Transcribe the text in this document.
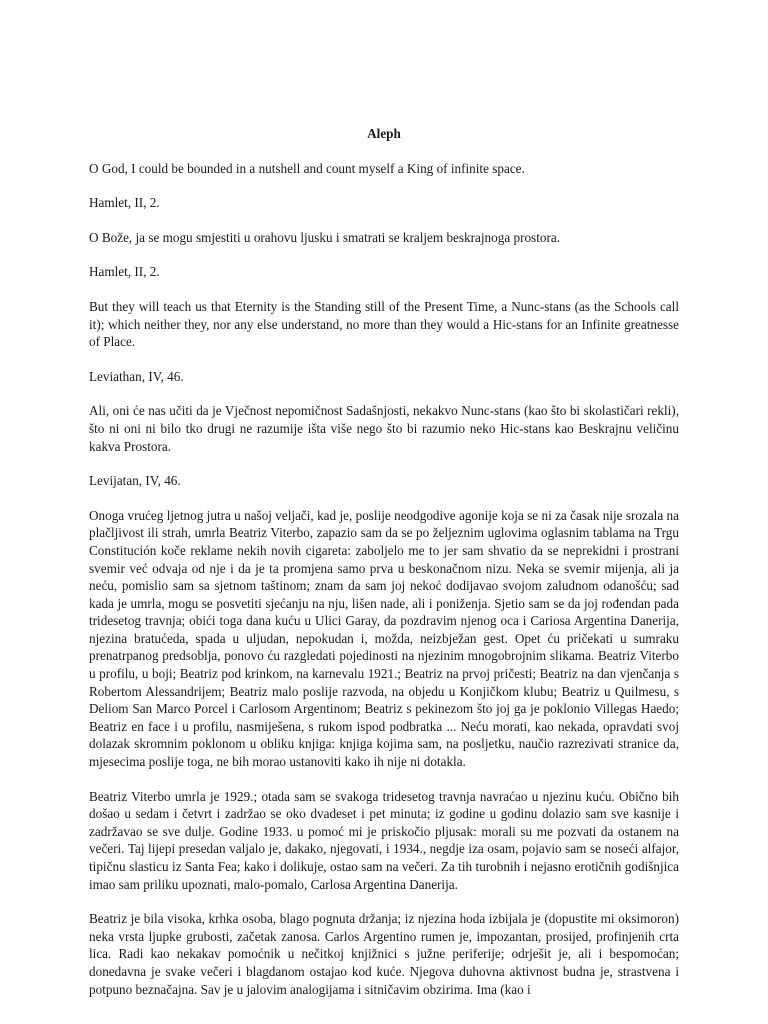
Aleph

O God, I could be bounded in a nutshell and count myself a King of infinite space.

Hamlet, II, 2.

O Bože, ja se mogu smjestiti u orahovu ljusku i smatrati se kraljem beskrajnoga prostora.

Hamlet, II, 2.

But they will teach us that Eternity is the Standing still of the Present Time, a Nunc-stans (as the Schools call it); which neither they, nor any else understand, no more than they would a Hic-stans for an Infinite greatnesse of Place.

Leviathan, IV, 46.

Ali, oni će nas učiti da je Vječnost nepomičnost Sadašnjosti, nekakvo Nunc-stans (kao što bi skolastičari rekli), što ni oni ni bilo tko drugi ne razumije išta više nego što bi razumio neko Hic-stans kao Beskrajnu veličinu kakva Prostora.

Levijatan, IV, 46.

Onoga vrućeg ljetnog jutra u našoj veljači, kad je, poslije neodgodive agonije koja se ni za časak nije srozala na plačljivost ili strah, umrla Beatriz Viterbo, zapazio sam da se po željeznim uglovima oglasnim tablama na Trgu Constitución koče reklame nekih novih cigareta: zaboljelo me to jer sam shvatio da se neprekidni i prostrani svemir već odvaja od nje i da je ta promjena samo prva u beskonačnom nizu. Neka se svemir mijenja, ali ja neću, pomislio sam sa sjetnom taštinom; znam da sam joj nekoć dodijavao svojom zaludnom odanošću; sad kada je umrla, mogu se posvetiti sjećanju na nju, lišen nade, ali i poniženja. Sjetio sam se da joj rođendan pada tridesetog travnja; obići toga dana kuću u Ulici Garay, da pozdravim njenog oca i Cariosa Argentina Danerija, njezina bratućeda, spada u uljudan, nepokudan i, možda, neizbježan gest. Opet ću pričekati u sumraku prenatrpanog predsoblja, ponovo ću razgledati pojedinosti na njezinim mnogobrojnim slikama. Beatriz Viterbo u profilu, u boji; Beatriz pod krinkom, na karnevalu 1921.; Beatriz na prvoj pričesti; Beatriz na dan vjenčanja s Robertom Alessandrijem; Beatriz malo poslije razvoda, na objedu u Konjičkom klubu; Beatriz u Quilmesu, s Deliom San Marco Porcel i Carlosom Argentinom; Beatriz s pekinezom što joj ga je poklonio Villegas Haedo; Beatriz en face i u profilu, nasmiješena, s rukom ispod podbratka ... Neću morati, kao nekada, opravdati svoj dolazak skromnim poklonom u obliku knjiga: knjiga kojima sam, na posljetku, naučio razrezivati stranice da, mjesecima poslije toga, ne bih morao ustanoviti kako ih nije ni dotakla.

Beatriz Viterbo umrla je 1929.; otada sam se svakoga tridesetog travnja navraćao u njezinu kuću. Obično bih došao u sedam i četvrt i zadržao se oko dvadeset i pet minuta; iz godine u godinu dolazio sam sve kasnije i zadržavao se sve dulje. Godine 1933. u pomoć mi je priskočio pljusak: morali su me pozvati da ostanem na večeri. Taj lijepi presedan valjalo je, dakako, njegovati, i 1934., negdje iza osam, pojavio sam se noseći alfajor, tipičnu slasticu iz Santa Fea; kako i dolikuje, ostao sam na večeri. Za tih turobnih i nejasno erotičnih godišnjica imao sam priliku upoznati, malo-pomalo, Carlosa Argentina Danerija.

Beatriz je bila visoka, krhka osoba, blago pognuta držanja; iz njezina hoda izbijala je (dopustite mi oksimoron) neka vrsta ljupke grubosti, začetak zanosa. Carlos Argentino rumen je, impozantan, prosijed, profinjenih crta lica. Radi kao nekakav pomoćnik u nečitkoj knjižnici s južne periferije; odrješit je, ali i bespomoćan; donedavna je svake večeri i blagdanom ostajao kod kuće. Njegova duhovna aktivnost budna je, strastvena i potpuno beznačajna. Sav je u jalovim analogijama i sitničavim obzirima. Ima (kao i
